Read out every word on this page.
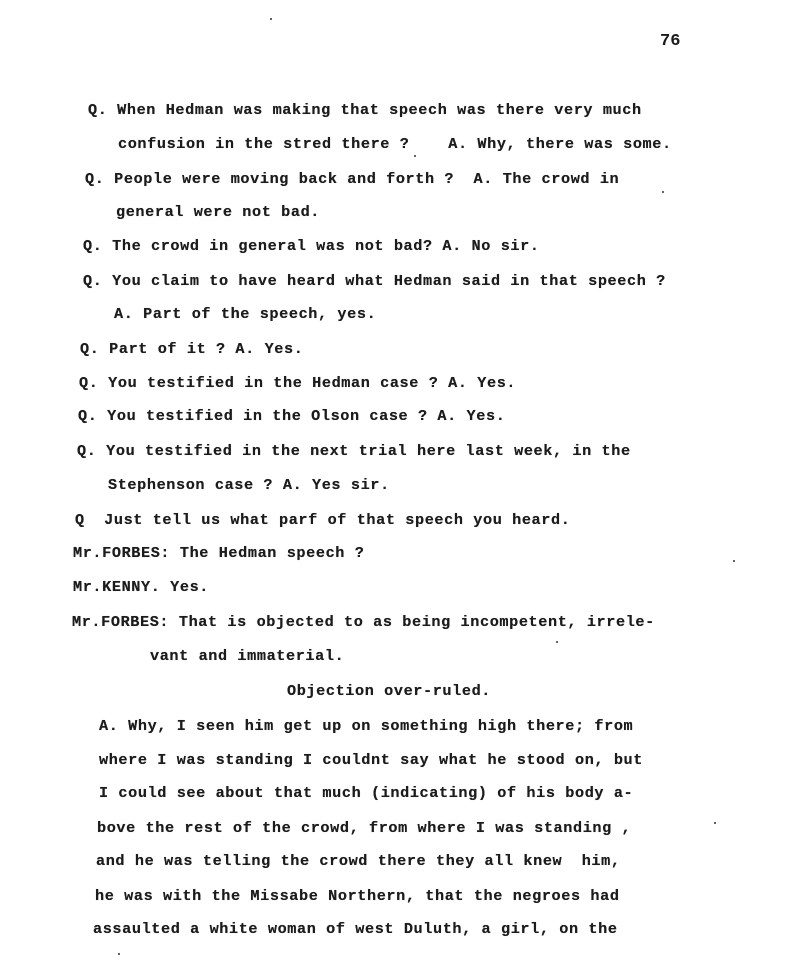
76
Q. When Hedman was making that speech was there very much
confusion in the stred there ?    A. Why, there was some.
Q. People were moving back and forth ?  A. The crowd in
general were not bad.
Q. The crowd in general was not bad? A. No sir.
Q. You claim to have heard what Hedman said in that speech ?
A. Part of the speech, yes.
Q. Part of it ? A. Yes.
Q. You testified in the Hedman case ? A. Yes.
Q. You testified in the Olson case ? A. Yes.
Q. You testified in the next trial here last week, in the
Stephenson case ? A. Yes sir.
Q  Just tell us what parf of that speech you heard.
Mr.FORBES: The Hedman speech ?
Mr.KENNY. Yes.
Mr.FORBES: That is objected to as being incompetent, irrele-
vant and immaterial.
Objection over-ruled.
A. Why, I seen him get up on something high there; from
where I was standing I couldnt say what he stood on, but
I could see about that much (indicating) of his body a-
bove the rest of the crowd, from where I was standing ,
and he was telling the crowd there they all knew  him,
he was with the Missabe Northern, that the negroes had
assaulted a white woman of west Duluth, a girl, on the
